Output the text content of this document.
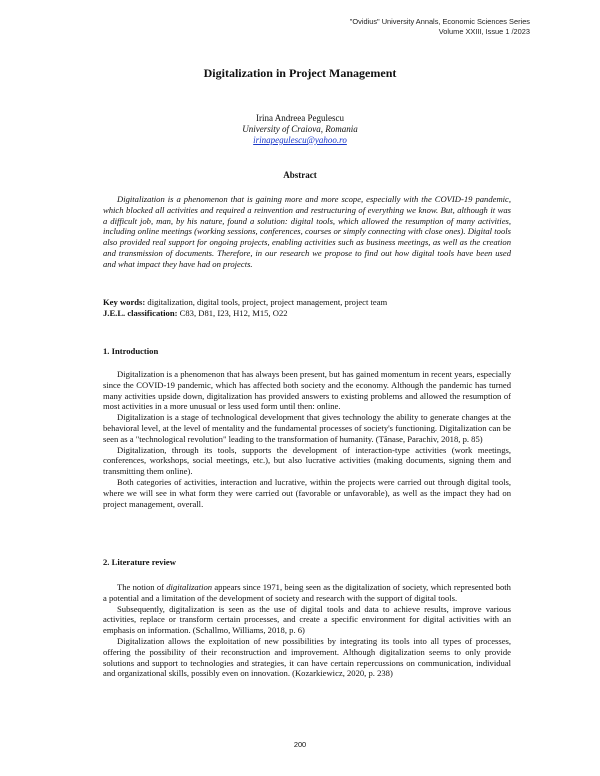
"Ovidius" University Annals, Economic Sciences Series
Volume XXIII, Issue 1 /2023
Digitalization in Project Management
Irina Andreea Pegulescu
University of Craiova, Romania
irinapegulescu@yahoo.ro
Abstract

Digitalization is a phenomenon that is gaining more and more scope, especially with the COVID-19 pandemic, which blocked all activities and required a reinvention and restructuring of everything we know. But, although it was a difficult job, man, by his nature, found a solution: digital tools, which allowed the resumption of many activities, including online meetings (working sessions, conferences, courses or simply connecting with close ones). Digital tools also provided real support for ongoing projects, enabling activities such as business meetings, as well as the creation and transmission of documents. Therefore, in our research we propose to find out how digital tools have been used and what impact they have had on projects.

Key words: digitalization, digital tools, project, project management, project team
J.E.L. classification: C83, D81, I23, H12, M15, O22
1. Introduction

Digitalization is a phenomenon that has always been present, but has gained momentum in recent years, especially since the COVID-19 pandemic, which has affected both society and the economy. Although the pandemic has turned many activities upside down, digitalization has provided answers to existing problems and allowed the resumption of most activities in a more unusual or less used form until then: online.

Digitalization is a stage of technological development that gives technology the ability to generate changes at the behavioral level, at the level of mentality and the fundamental processes of society's functioning. Digitalization can be seen as a "technological revolution" leading to the transformation of humanity. (Tănase, Parachiv, 2018, p. 85)

Digitalization, through its tools, supports the development of interaction-type activities (work meetings, conferences, workshops, social meetings, etc.), but also lucrative activities (making documents, signing them and transmitting them online).

Both categories of activities, interaction and lucrative, within the projects were carried out through digital tools, where we will see in what form they were carried out (favorable or unfavorable), as well as the impact they had on project management, overall.

2. Literature review

The notion of digitalization appears since 1971, being seen as the digitalization of society, which represented both a potential and a limitation of the development of society and research with the support of digital tools.

Subsequently, digitalization is seen as the use of digital tools and data to achieve results, improve various activities, replace or transform certain processes, and create a specific environment for digital activities with an emphasis on information. (Schallmo, Williams, 2018, p. 6)

Digitalization allows the exploitation of new possibilities by integrating its tools into all types of processes, offering the possibility of their reconstruction and improvement. Although digitalization seems to only provide solutions and support to technologies and strategies, it can have certain repercussions on communication, individual and organizational skills, possibly even on innovation. (Kozarkiewicz, 2020, p. 238)

200
